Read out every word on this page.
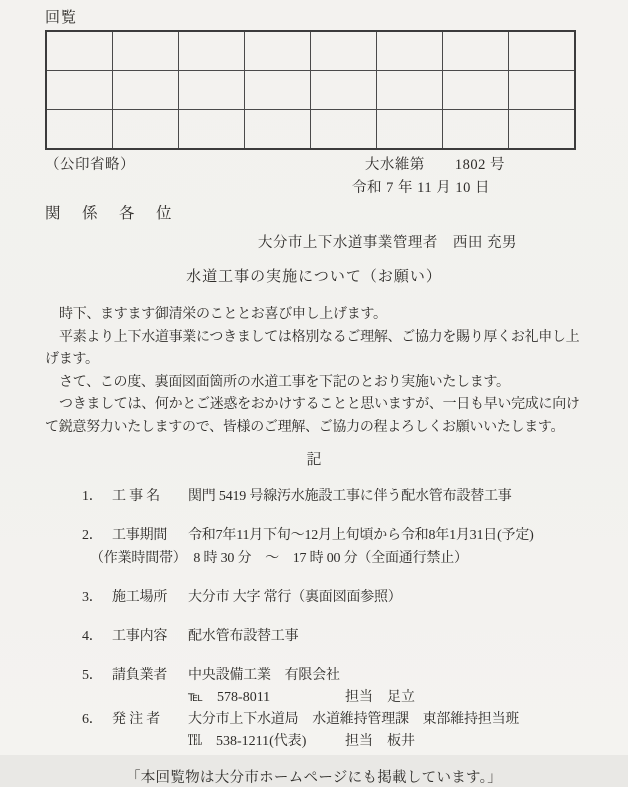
回覧

（公印省略）	大水維第　　1802 号
令和 7 年 11 月 10 日
関　係　各　位
大分市上下水道事業管理者　西田 充男
水道工事の実施について（お願い）

時下、ますます御清栄のこととお喜び申し上げます。

平素より上下水道事業につきましては格別なるご理解、ご協力を賜り厚くお礼申し上げます。

さて、この度、裏面図面箇所の水道工事を下記のとおり実施いたします。

つきましては、何かとご迷惑をおかけすることと思いますが、一日も早い完成に向けて鋭意努力いたしますので、皆様のご理解、ご協力の程よろしくお願いいたします。

記
1． 工 事 名	関門 5419 号線汚水施設工事に伴う配水管布設替工事
2． 工事期間	令和7年11月下旬～12月上旬頃から令和8年1月31日(予定)
（作業時間帯）　8 時 30 分　～　17 時 00 分（全面通行禁止）
3． 施工場所	大分市 大字 常行（裏面図面参照）
4． 工事内容	配水管布設替工事
5． 請負業者	中央設備工業　有限会社
℡　578-8011	担当　足立
6． 発 注 者	大分市上下水道局　水道維持管理課　東部維持担当班
℡　538-1211(代表)	担当　板井
「本回覧物は大分市ホームページにも掲載しています。」
